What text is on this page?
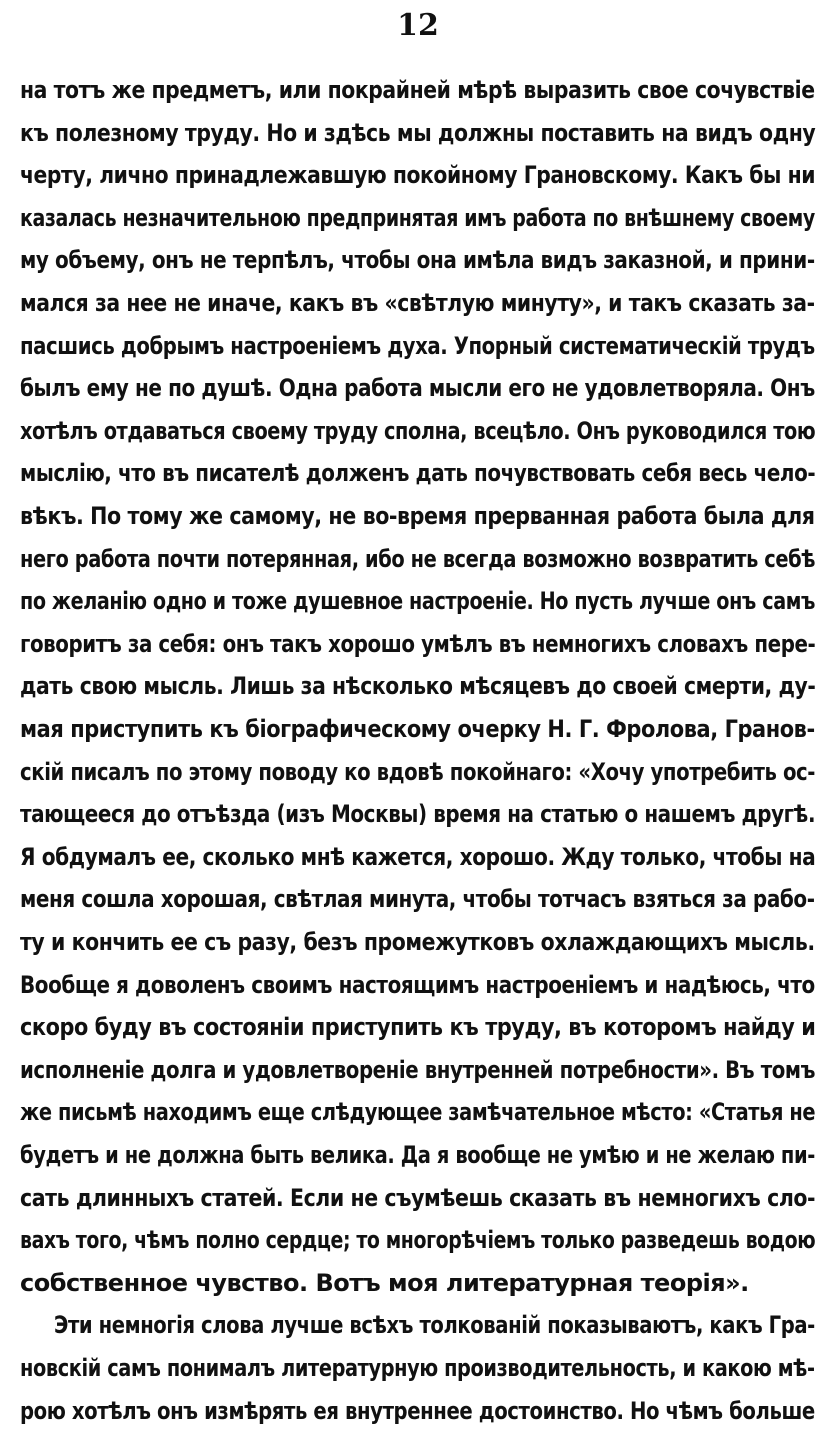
12
на тотъ же предметъ, или покрайней мѣрѣ выразить свое сочувствіе
къ полезному труду. Но и здѣсь мы должны поставить на видъ одну
черту, лично принадлежавшую покойному Грановскому. Какъ бы ни
казалась незначительною предпринятая имъ работа по внѣшнему своему
му объему, онъ не терпѣлъ, чтобы она имѣла видъ заказной, и прини-
мался за нее не иначе, какъ въ «свѣтлую минуту», и такъ сказать за-
пасшись добрымъ настроеніемъ духа. Упорный систематическій трудъ
былъ ему не по душѣ. Одна работа мысли его не удовлетворяла. Онъ
хотѣлъ отдаваться своему труду сполна, всецѣло. Онъ руководился тою
мыслію, что въ писателѣ долженъ дать почувствовать себя весь чело-
вѣкъ. По тому же самому, не во-время прерванная работа была для
него работа почти потерянная, ибо не всегда возможно возвратить себѣ
по желанію одно и тоже душевное настроеніе. Но пусть лучше онъ самъ
говоритъ за себя: онъ такъ хорошо умѣлъ въ немногихъ словахъ пере-
дать свою мысль. Лишь за нѣсколько мѣсяцевъ до своей смерти, ду-
мая приступить къ біографическому очерку Н. Г. Фролова, Гранов-
скій писалъ по этому поводу ко вдовѣ покойнаго: «Хочу употребить ос-
тающееся до отъѣзда (изъ Москвы) время на статью о нашемъ другѣ.
Я обдумалъ ее, сколько мнѣ кажется, хорошо. Жду только, чтобы на
меня сошла хорошая, свѣтлая минута, чтобы тотчасъ взяться за рабо-
ту и кончить ее съ разу, безъ промежутковъ охлаждающихъ мысль.
Вообще я доволенъ своимъ настоящимъ настроеніемъ и надѣюсь, что
скоро буду въ состояніи приступить къ труду, въ которомъ найду и
исполненіе долга и удовлетвореніе внутренней потребности». Въ томъ
же письмѣ находимъ еще слѣдующее замѣчательное мѣсто: «Статья не
будетъ и не должна быть велика. Да я вообще не умѣю и не желаю пи-
сать длинныхъ статей. Если не съумѣешь сказать въ немногихъ сло-
вахъ того, чѣмъ полно сердце; то многорѣчіемъ только разведешь водою
собственное чувство. Вотъ моя литературная теорія».
Эти немногія слова лучше всѣхъ толкованій показываютъ, какъ Гра-
новскій самъ понималъ литературную производительность, и какою мѣ-
рою хотѣлъ онъ измѣрять ея внутреннее достоинство. Но чѣмъ больше
